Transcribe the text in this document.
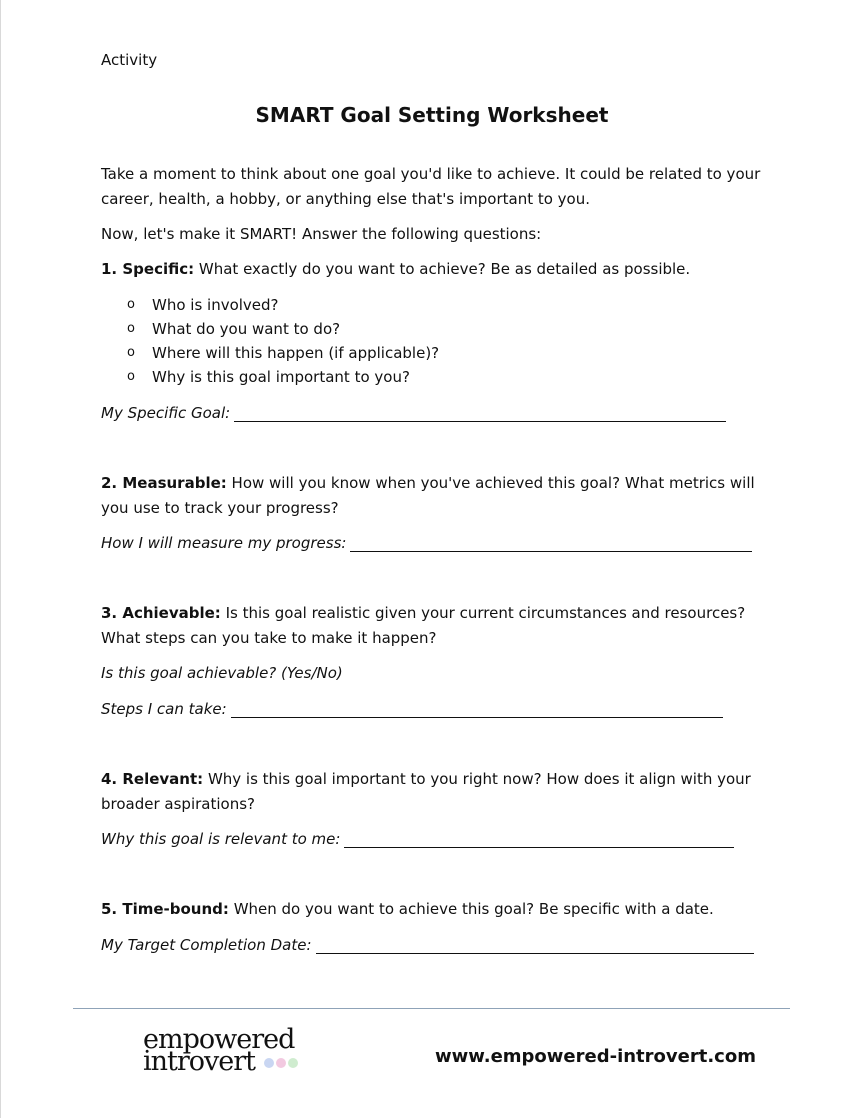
Activity
SMART Goal Setting Worksheet

Take a moment to think about one goal you'd like to achieve. It could be related to your career, health, a hobby, or anything else that's important to you.

Now, let's make it SMART! Answer the following questions:

1. Specific: What exactly do you want to achieve? Be as detailed as possible.

o	Who is involved?
o	What do you want to do?
o	Where will this happen (if applicable)?
o	Why is this goal important to you?
My Specific Goal:

2. Measurable: How will you know when you've achieved this goal? What metrics will you use to track your progress?

How I will measure my progress:

3. Achievable: Is this goal realistic given your current circumstances and resources? What steps can you take to make it happen?

Is this goal achievable? (Yes/No)
Steps I can take:

4. Relevant: Why is this goal important to you right now? How does it align with your broader aspirations?

Why this goal is relevant to me:

5. Time-bound: When do you want to achieve this goal? Be specific with a date.

My Target Completion Date:
empowered
introvert	www.empowered-introvert.com
